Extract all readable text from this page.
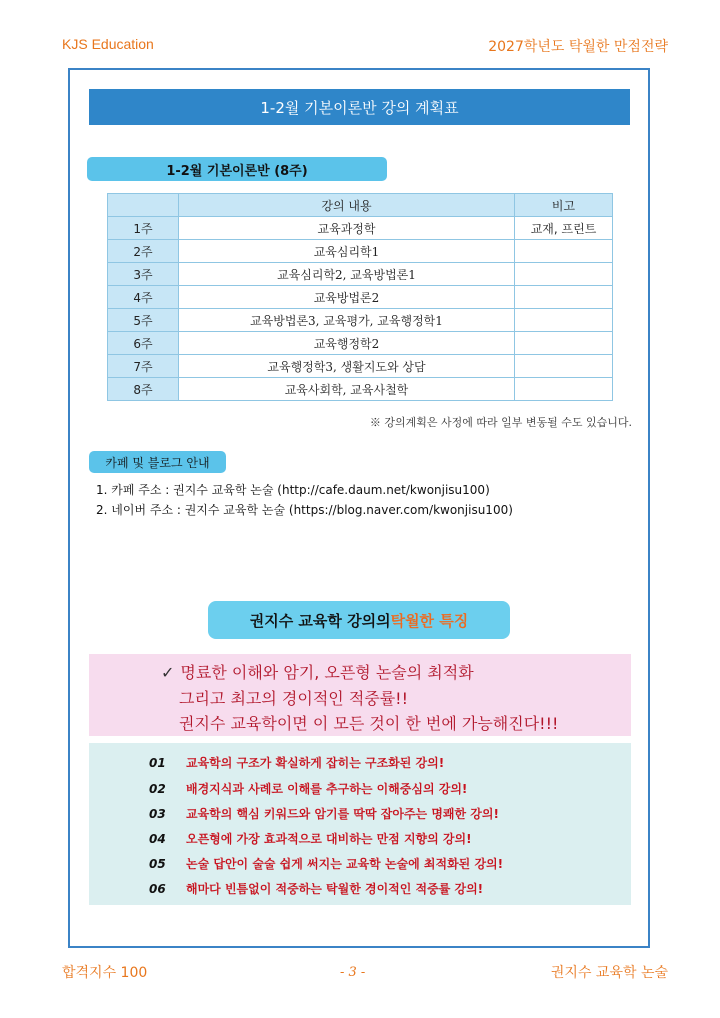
KJS Education	2027학년도 탁월한 만점전략
1-2월 기본이론반 강의 계획표
1-2월 기본이론반 (8주)
	강의 내용	비고
1주	교육과정학	교재, 프린트
2주	교육심리학1	
3주	교육심리학2, 교육방법론1	
4주	교육방법론2	
5주	교육방법론3, 교육평가, 교육행정학1	
6주	교육행정학2	
7주	교육행정학3, 생활지도와 상담	
8주	교육사회학, 교육사철학	
※ 강의계획은 사정에 따라 일부 변동될 수도 있습니다.
카페 및 블로그 안내
1. 카페 주소 : 권지수 교육학 논술 (http://cafe.daum.net/kwonjisu100)
2. 네이버 주소 : 권지수 교육학 논술 (https://blog.naver.com/kwonjisu100)
권지수 교육학 강의의 탁월한 특징
✓ 명료한 이해와 암기, 오픈형 논술의 최적화
그리고 최고의 경이적인 적중률!!
권지수 교육학이면 이 모든 것이 한 번에 가능해진다!!!
01 교육학의 구조가 확실하게 잡히는 구조화된 강의!
02 배경지식과 사례로 이해를 추구하는 이해중심의 강의!
03 교육학의 핵심 키워드와 암기를 딱딱 잡아주는 명쾌한 강의!
04 오픈형에 가장 효과적으로 대비하는 만점 지향의 강의!
05 논술 답안이 술술 쉽게 써지는 교육학 논술에 최적화된 강의!
06 해마다 빈틈없이 적중하는 탁월한 경이적인 적중률 강의!
합격지수 100	- 3 -	권지수 교육학 논술
